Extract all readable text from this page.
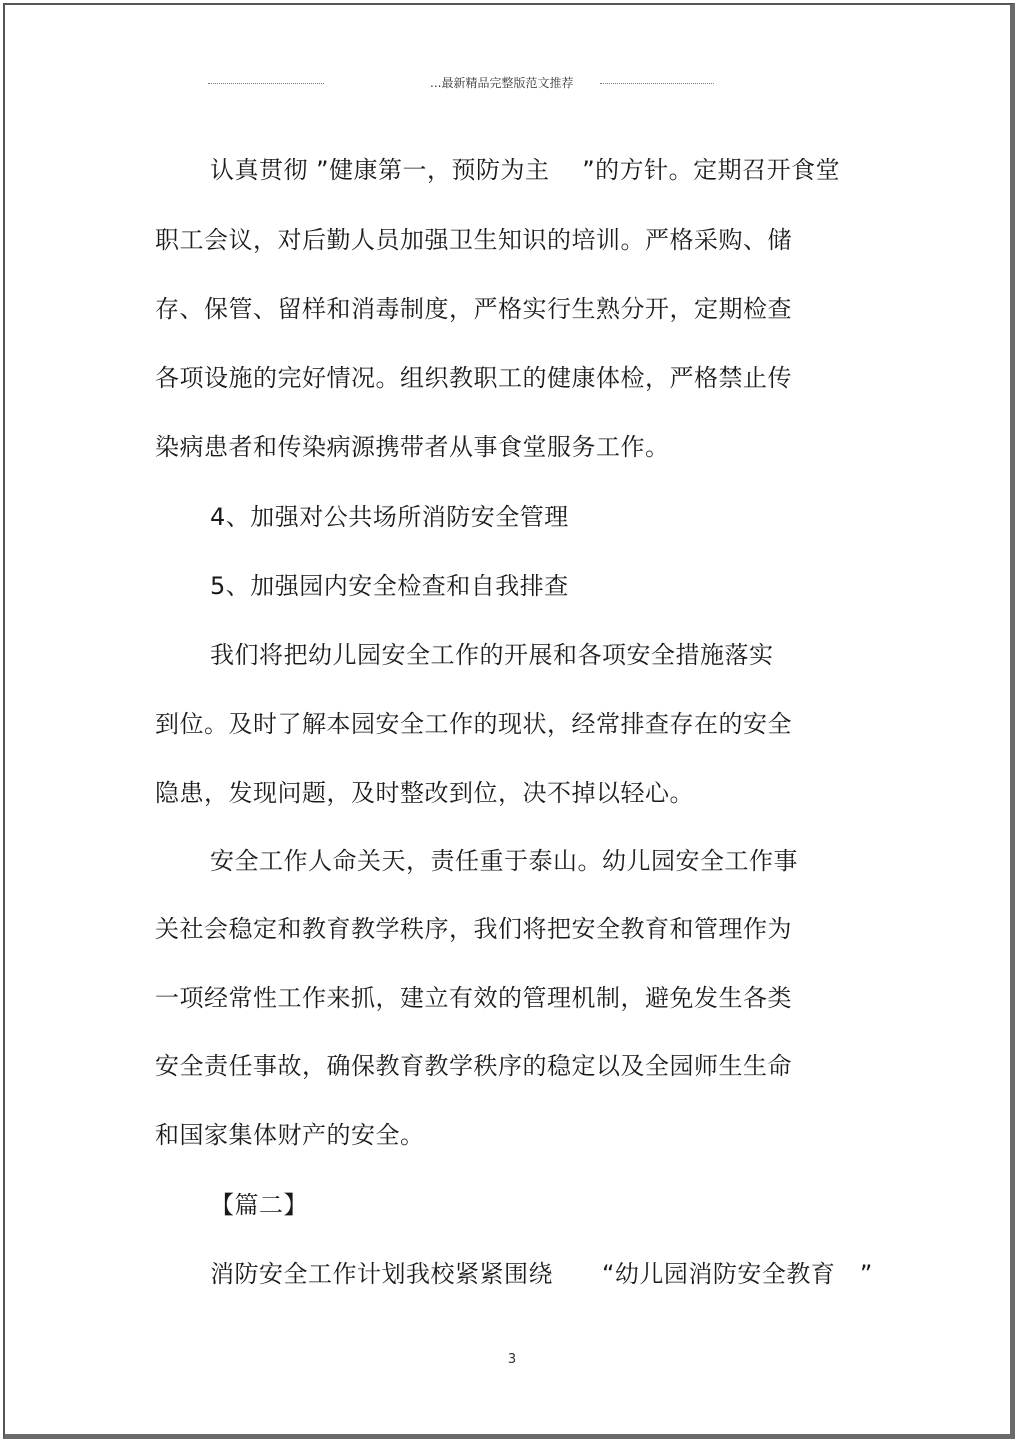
...最新精品完整版范文推荐
认真贯彻 ”健康第一，预防为主　 ”的方针。定期召开食堂
职工会议，对后勤人员加强卫生知识的培训。严格采购、储
存、保管、留样和消毒制度，严格实行生熟分开，定期检查
各项设施的完好情况。组织教职工的健康体检，严格禁止传
染病患者和传染病源携带者从事食堂服务工作。
4、加强对公共场所消防安全管理
5、加强园内安全检查和自我排查
我们将把幼儿园安全工作的开展和各项安全措施落实
到位。及时了解本园安全工作的现状，经常排查存在的安全
隐患，发现问题，及时整改到位，决不掉以轻心。
安全工作人命关天，责任重于泰山。幼儿园安全工作事
关社会稳定和教育教学秩序，我们将把安全教育和管理作为
一项经常性工作来抓，建立有效的管理机制，避免发生各类
安全责任事故，确保教育教学秩序的稳定以及全园师生生命
和国家集体财产的安全。
【篇二】
消防安全工作计划我校紧紧围绕　　“幼儿园消防安全教育　”
3
